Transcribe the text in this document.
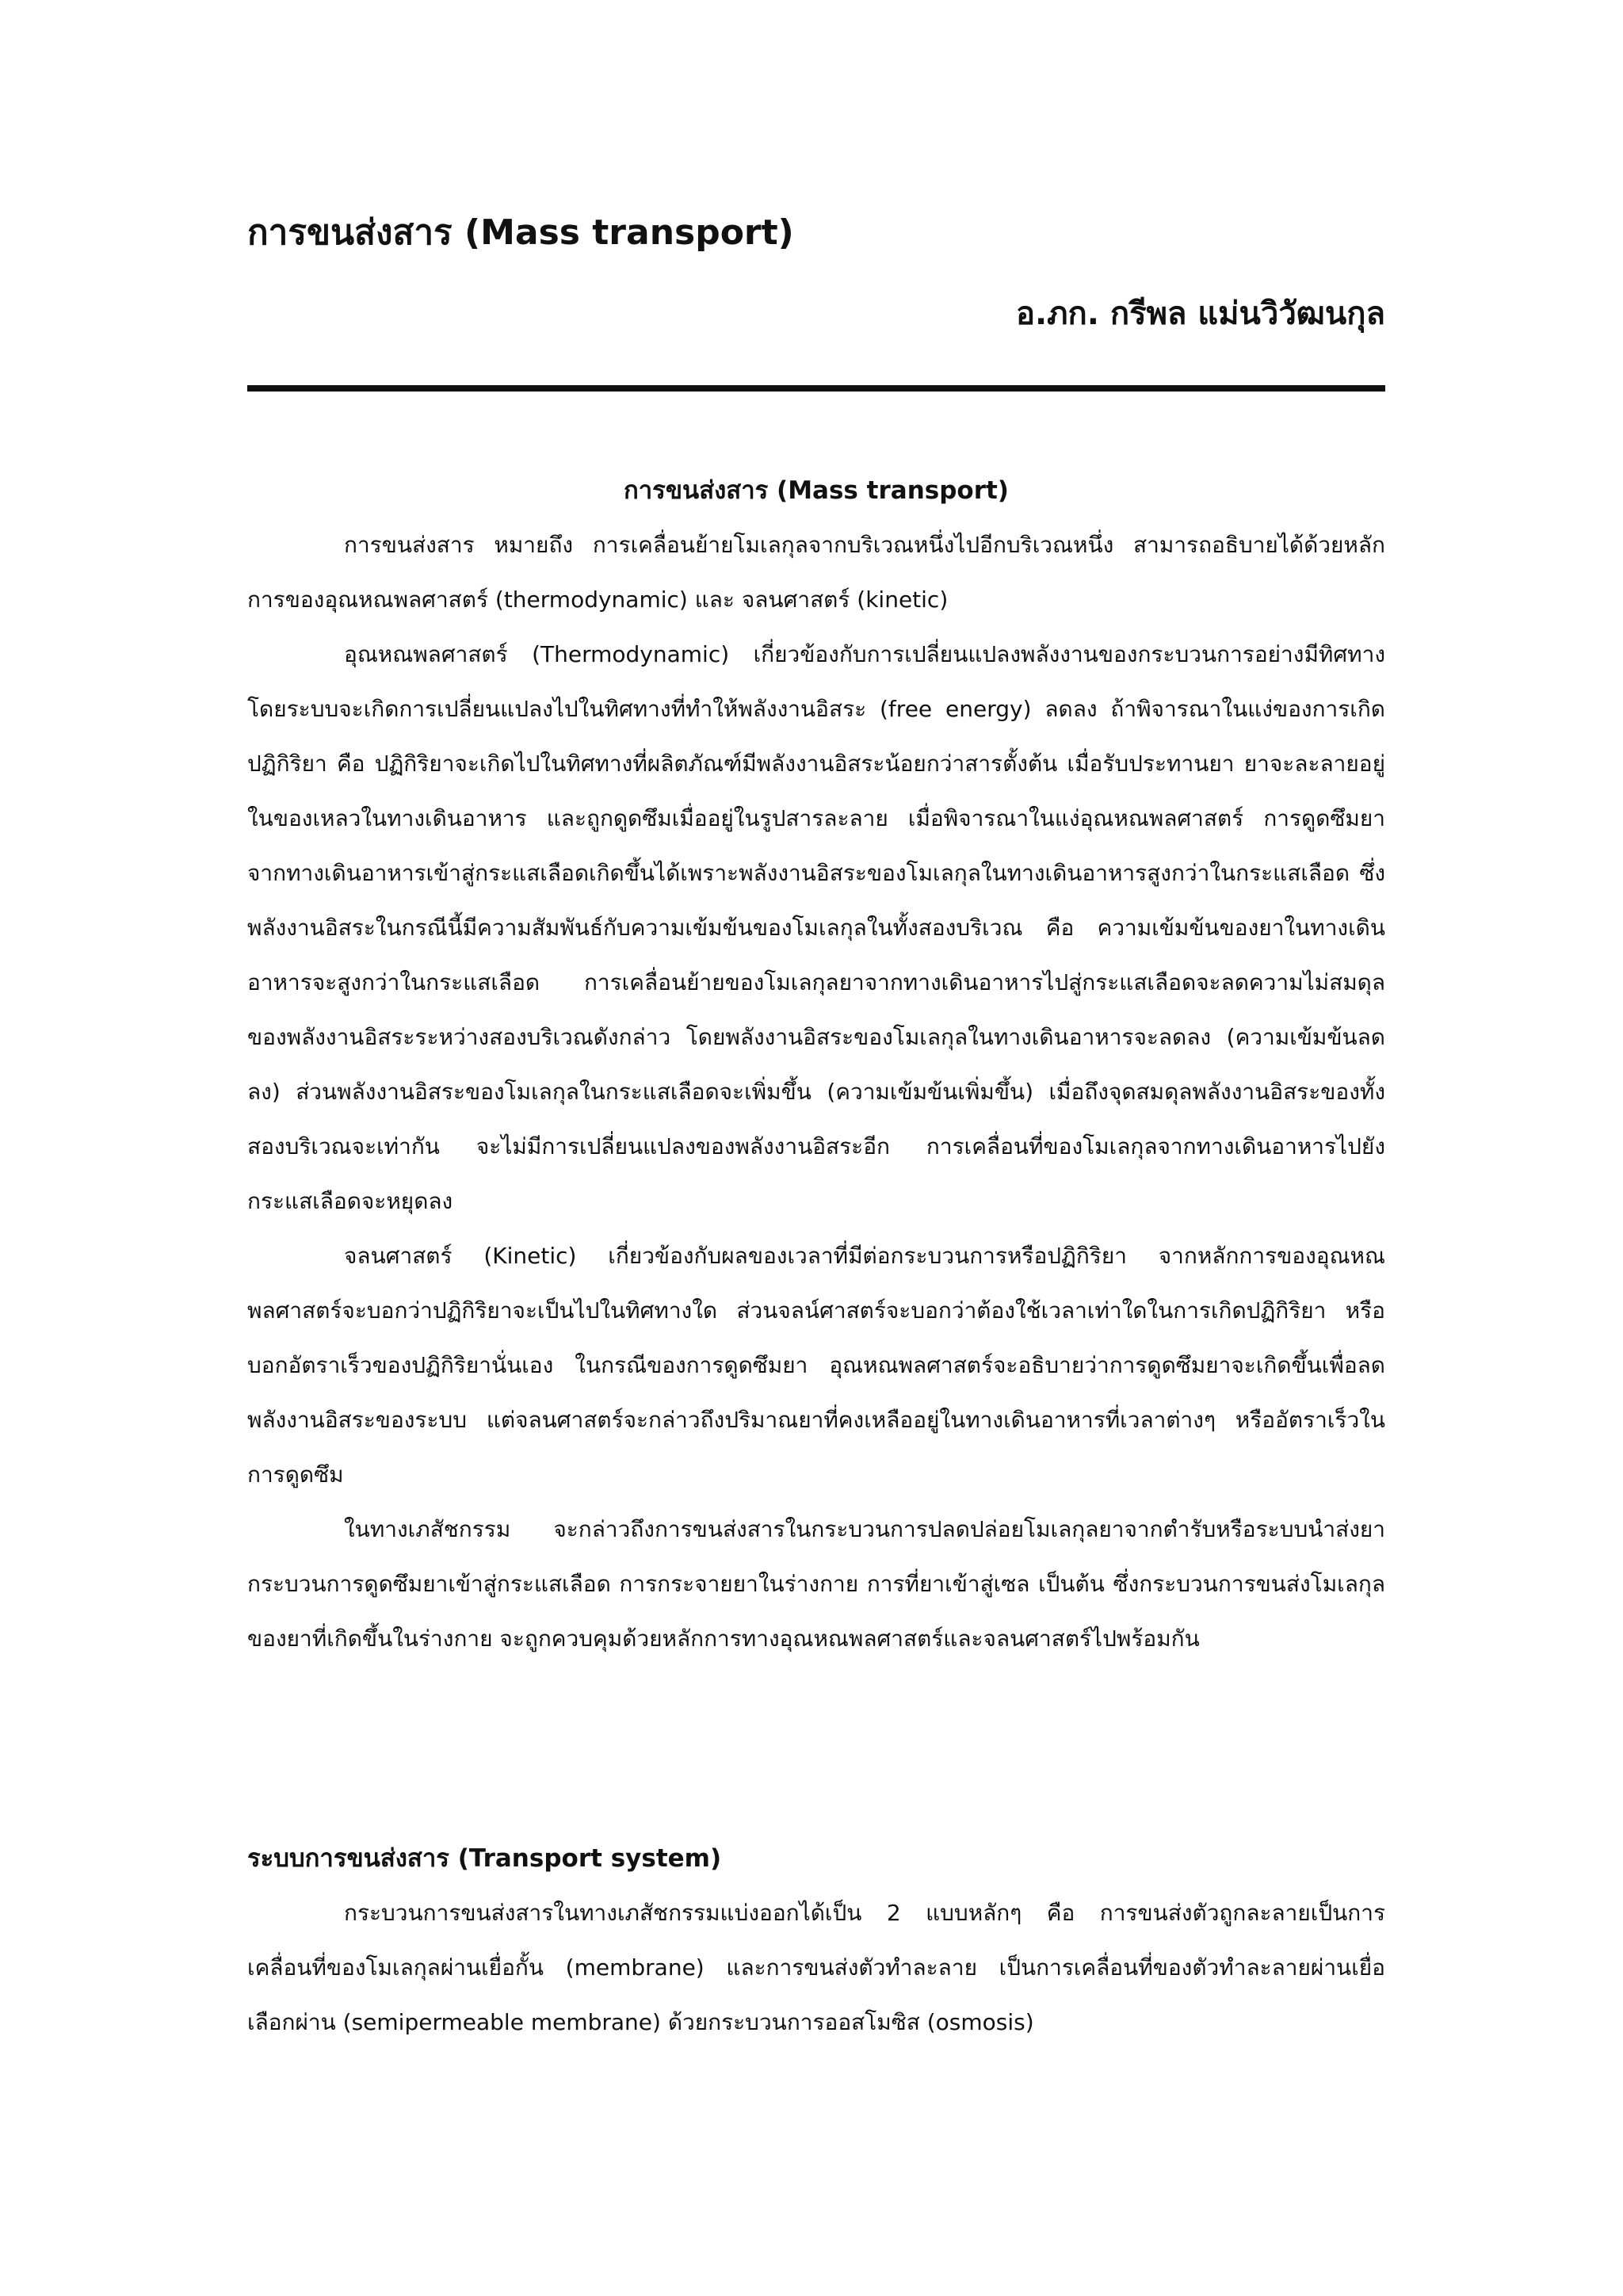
การขนส่งสาร (Mass transport)
อ.ภก. กรีพล แม่นวิวัฒนกุล
การขนส่งสาร (Mass transport)

การขนส่งสาร หมายถึง การเคลื่อนย้ายโมเลกุลจากบริเวณหนึ่งไปอีกบริเวณหนึ่ง สามารถอธิบายได้ด้วยหลักการของอุณหณพลศาสตร์ (thermodynamic) และ จลนศาสตร์ (kinetic)

อุณหณพลศาสตร์ (Thermodynamic) เกี่ยวข้องกับการเปลี่ยนแปลงพลังงานของกระบวนการอย่างมีทิศทาง โดยระบบจะเกิดการเปลี่ยนแปลงไปในทิศทางที่ทำให้พลังงานอิสระ (free energy) ลดลง ถ้าพิจารณาในแง่ของการเกิดปฏิกิริยา คือ ปฏิกิริยาจะเกิดไปในทิศทางที่ผลิตภัณฑ์มีพลังงานอิสระน้อยกว่าสารตั้งต้น เมื่อรับประทานยา ยาจะละลายอยู่ในของเหลวในทางเดินอาหาร และถูกดูดซึมเมื่ออยู่ในรูปสารละลาย เมื่อพิจารณาในแง่อุณหณพลศาสตร์ การดูดซึมยาจากทางเดินอาหารเข้าสู่กระแสเลือดเกิดขึ้นได้เพราะพลังงานอิสระของโมเลกุลในทางเดินอาหารสูงกว่าในกระแสเลือด ซึ่งพลังงานอิสระในกรณีนี้มีความสัมพันธ์กับความเข้มข้นของโมเลกุลในทั้งสองบริเวณ คือ ความเข้มข้นของยาในทางเดินอาหารจะสูงกว่าในกระแสเลือด การเคลื่อนย้ายของโมเลกุลยาจากทางเดินอาหารไปสู่กระแสเลือดจะลดความไม่สมดุลของพลังงานอิสระระหว่างสองบริเวณดังกล่าว โดยพลังงานอิสระของโมเลกุลในทางเดินอาหารจะลดลง (ความเข้มข้นลดลง) ส่วนพลังงานอิสระของโมเลกุลในกระแสเลือดจะเพิ่มขึ้น (ความเข้มข้นเพิ่มขึ้น) เมื่อถึงจุดสมดุลพลังงานอิสระของทั้งสองบริเวณจะเท่ากัน จะไม่มีการเปลี่ยนแปลงของพลังงานอิสระอีก การเคลื่อนที่ของโมเลกุลจากทางเดินอาหารไปยังกระแสเลือดจะหยุดลง

จลนศาสตร์ (Kinetic) เกี่ยวข้องกับผลของเวลาที่มีต่อกระบวนการหรือปฏิกิริยา จากหลักการของอุณหณพลศาสตร์จะบอกว่าปฏิกิริยาจะเป็นไปในทิศทางใด ส่วนจลน์ศาสตร์จะบอกว่าต้องใช้เวลาเท่าใดในการเกิดปฏิกิริยา หรือบอกอัตราเร็วของปฏิกิริยานั่นเอง ในกรณีของการดูดซึมยา อุณหณพลศาสตร์จะอธิบายว่าการดูดซึมยาจะเกิดขึ้นเพื่อลดพลังงานอิสระของระบบ แต่จลนศาสตร์จะกล่าวถึงปริมาณยาที่คงเหลืออยู่ในทางเดินอาหารที่เวลาต่างๆ หรืออัตราเร็วในการดูดซึม

ในทางเภสัชกรรม จะกล่าวถึงการขนส่งสารในกระบวนการปลดปล่อยโมเลกุลยาจากตำรับหรือระบบนำส่งยา กระบวนการดูดซึมยาเข้าสู่กระแสเลือด การกระจายยาในร่างกาย การที่ยาเข้าสู่เซล เป็นต้น ซึ่งกระบวนการขนส่งโมเลกุลของยาที่เกิดขึ้นในร่างกาย จะถูกควบคุมด้วยหลักการทางอุณหณพลศาสตร์และจลนศาสตร์ไปพร้อมกัน

ระบบการขนส่งสาร (Transport system)

กระบวนการขนส่งสารในทางเภสัชกรรมแบ่งออกได้เป็น 2 แบบหลักๆ คือ การขนส่งตัวถูกละลายเป็นการเคลื่อนที่ของโมเลกุลผ่านเยื่อกั้น (membrane) และการขนส่งตัวทำละลาย เป็นการเคลื่อนที่ของตัวทำละลายผ่านเยื่อเลือกผ่าน (semipermeable membrane) ด้วยกระบวนการออสโมซิส (osmosis)
